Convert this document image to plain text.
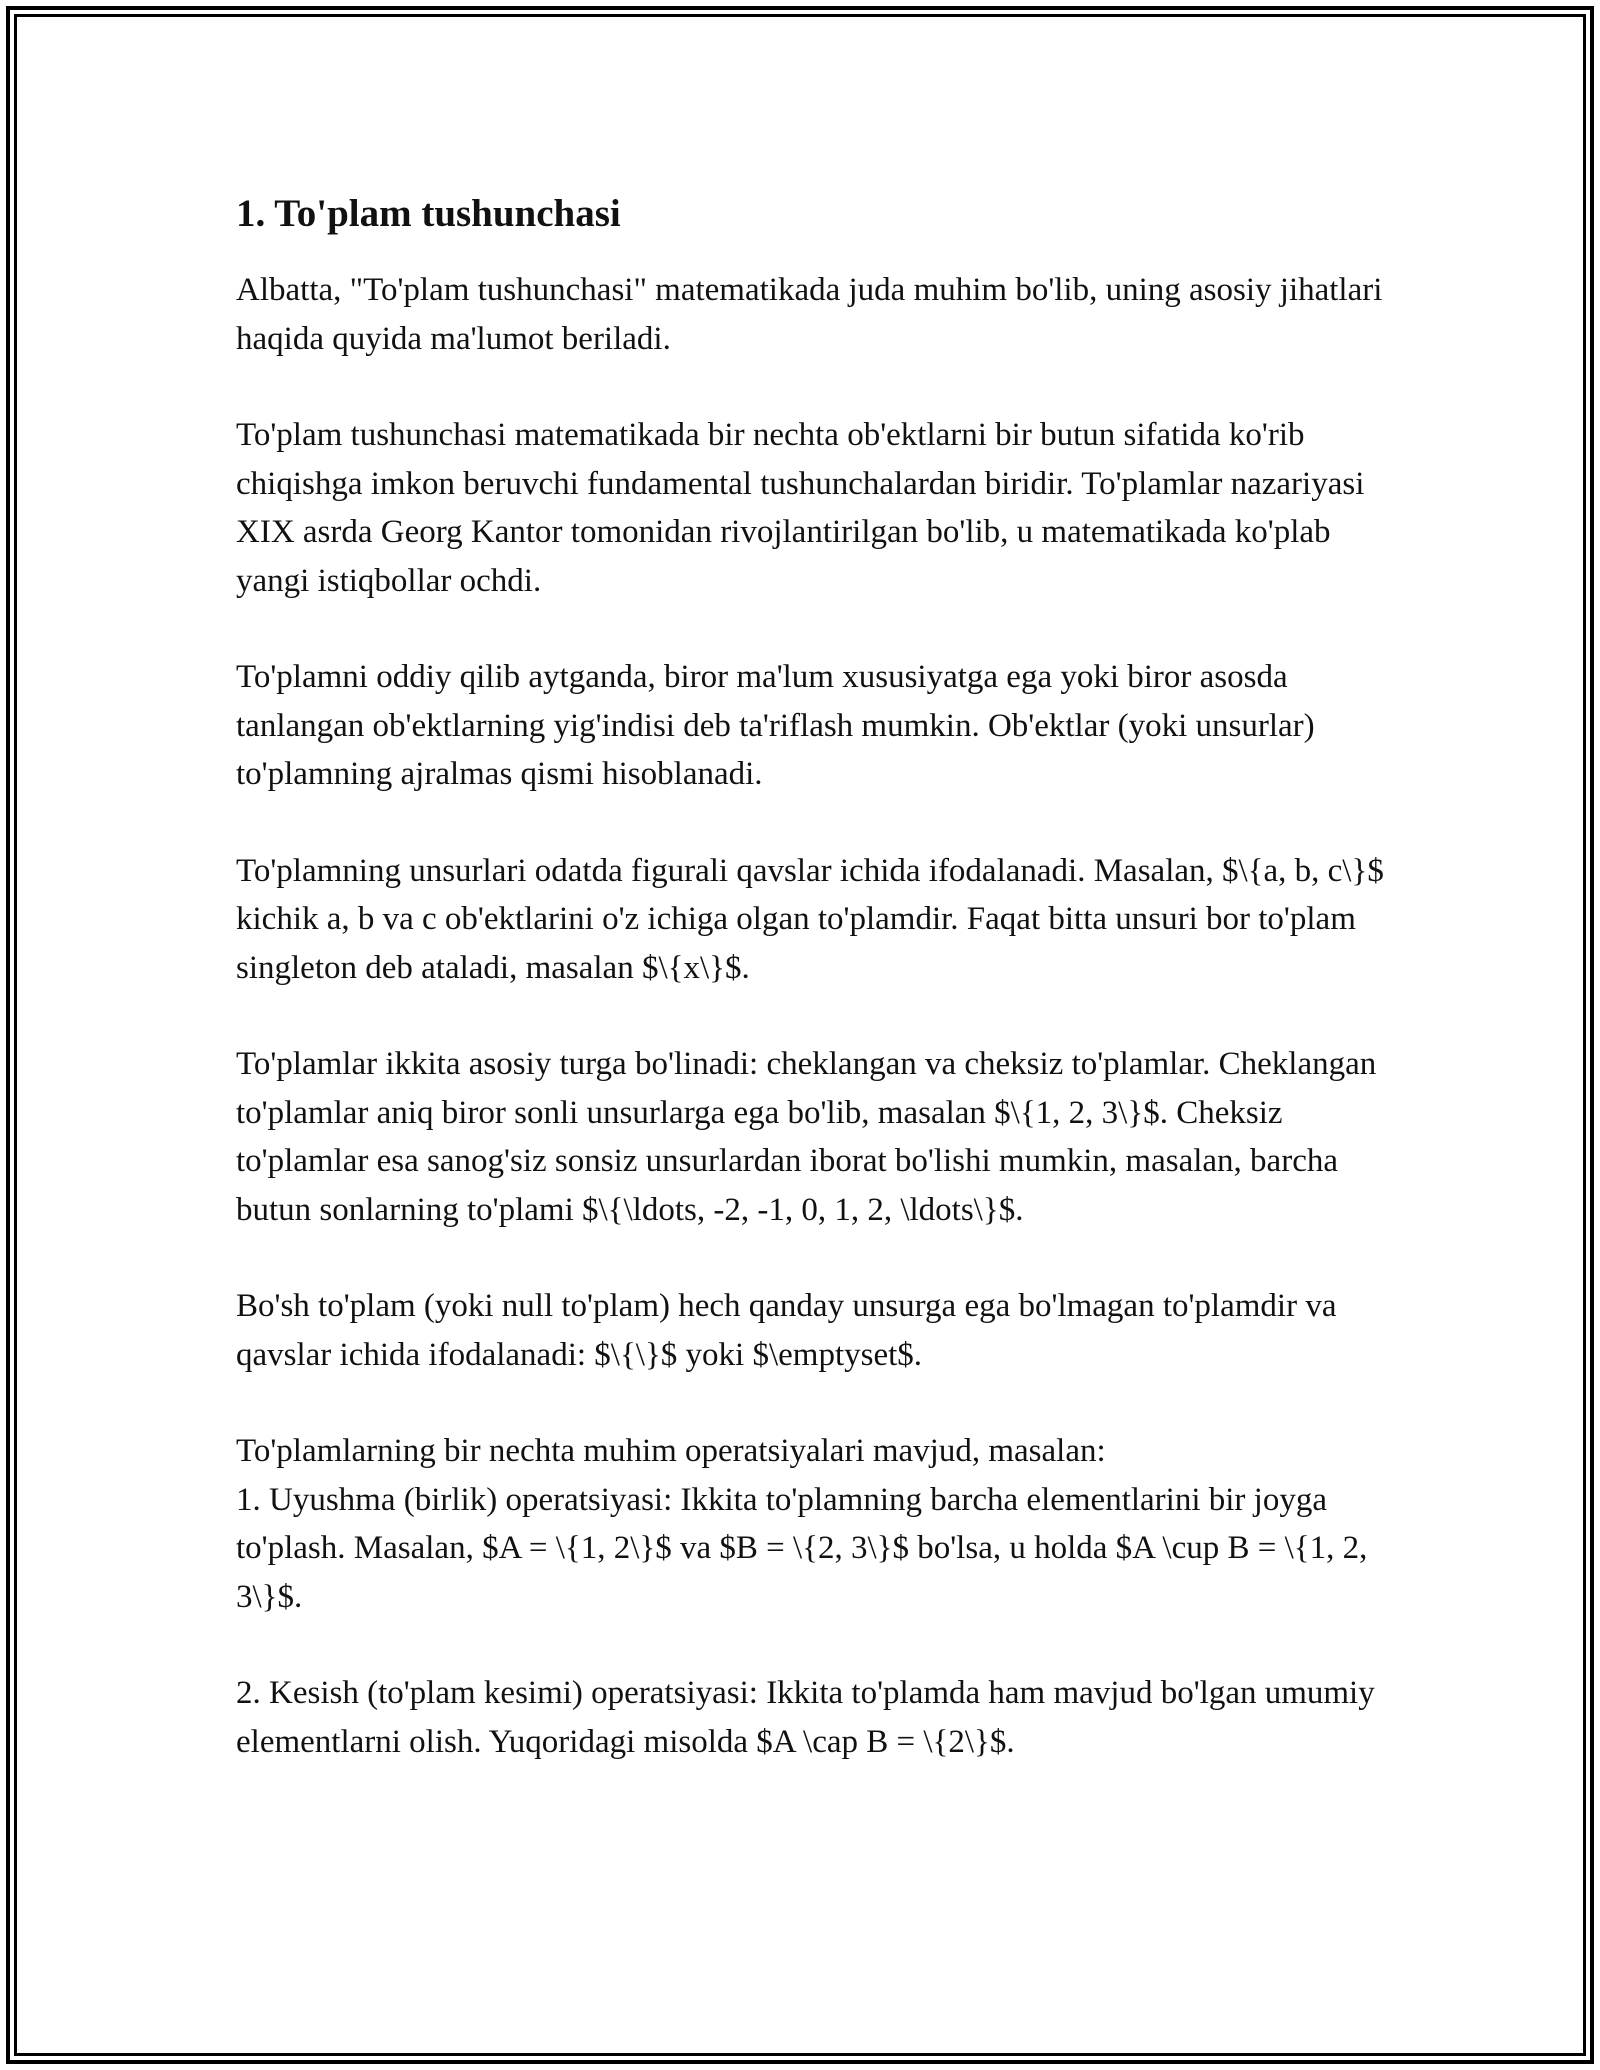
1. To'plam tushunchasi

Albatta, "To'plam tushunchasi" matematikada juda muhim bo'lib, uning asosiy jihatlari haqida quyida ma'lumot beriladi.

To'plam tushunchasi matematikada bir nechta ob'ektlarni bir butun sifatida ko'rib chiqishga imkon beruvchi fundamental tushunchalardan biridir. To'plamlar nazariyasi XIX asrda Georg Kantor tomonidan rivojlantirilgan bo'lib, u matematikada ko'plab yangi istiqbollar ochdi.

To'plamni oddiy qilib aytganda, biror ma'lum xususiyatga ega yoki biror asosda tanlangan ob'ektlarning yig'indisi deb ta'riflash mumkin. Ob'ektlar (yoki unsurlar) to'plamning ajralmas qismi hisoblanadi.

To'plamning unsurlari odatda figurali qavslar ichida ifodalanadi. Masalan, $\{a, b, c\}$ kichik a, b va c ob'ektlarini o'z ichiga olgan to'plamdir. Faqat bitta unsuri bor to'plam singleton deb ataladi, masalan $\{x\}$.

To'plamlar ikkita asosiy turga bo'linadi: cheklangan va cheksiz to'plamlar. Cheklangan to'plamlar aniq biror sonli unsurlarga ega bo'lib, masalan $\{1, 2, 3\}$. Cheksiz to'plamlar esa sanog'siz sonsiz unsurlardan iborat bo'lishi mumkin, masalan, barcha butun sonlarning to'plami $\{\ldots, -2, -1, 0, 1, 2, \ldots\}$.

Bo'sh to'plam (yoki null to'plam) hech qanday unsurga ega bo'lmagan to'plamdir va qavslar ichida ifodalanadi: $\{\}$ yoki $\emptyset$.

To'plamlarning bir nechta muhim operatsiyalari mavjud, masalan:

1. Uyushma (birlik) operatsiyasi: Ikkita to'plamning barcha elementlarini bir joyga to'plash. Masalan, $A = \{1, 2\}$ va $B = \{2, 3\}$ bo'lsa, u holda $A \cup B = \{1, 2, 3\}$.

2. Kesish (to'plam kesimi) operatsiyasi: Ikkita to'plamda ham mavjud bo'lgan umumiy elementlarni olish. Yuqoridagi misolda $A \cap B = \{2\}$.
